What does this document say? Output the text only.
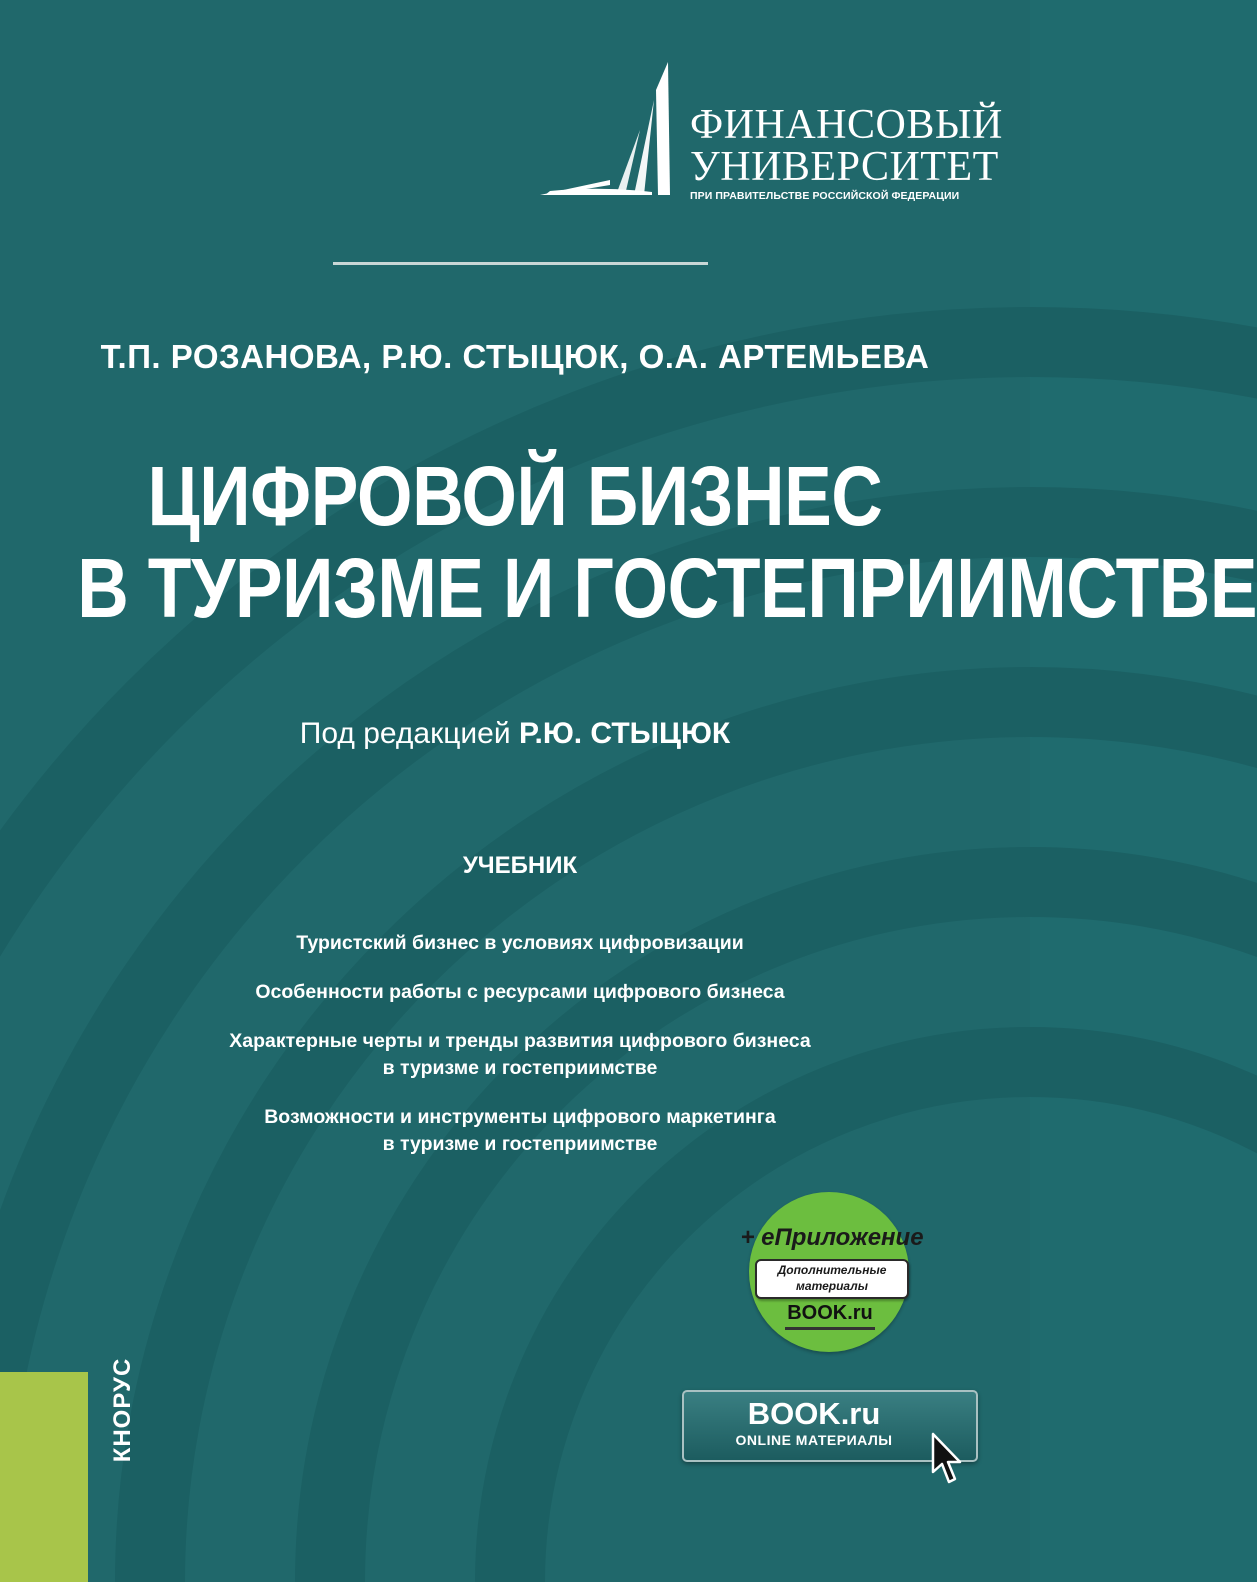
ФИНАНСОВЫЙ
УНИВЕРСИТЕТ
ПРИ ПРАВИТЕЛЬСТВЕ РОССИЙСКОЙ ФЕДЕРАЦИИ
Т.П. РОЗАНОВА, Р.Ю. СТЫЦЮК, О.А. АРТЕМЬЕВА
ЦИФРОВОЙ БИЗНЕС
В ТУРИЗМЕ И ГОСТЕПРИИМСТВЕ
Под редакцией Р.Ю. СТЫЦЮК
УЧЕБНИК
Туристский бизнес в условиях цифровизации
Особенности работы с ресурсами цифрового бизнеса
Характерные черты и тренды развития цифрового бизнеса
в туризме и гостеприимстве
Возможности и инструменты цифрового маркетинга
в туризме и гостеприимстве
+ еПриложение
Дополнительные
материалы
BOOK.ru
КНОРУС	BOOK.ru
ONLINE МАТЕРИАЛЫ
